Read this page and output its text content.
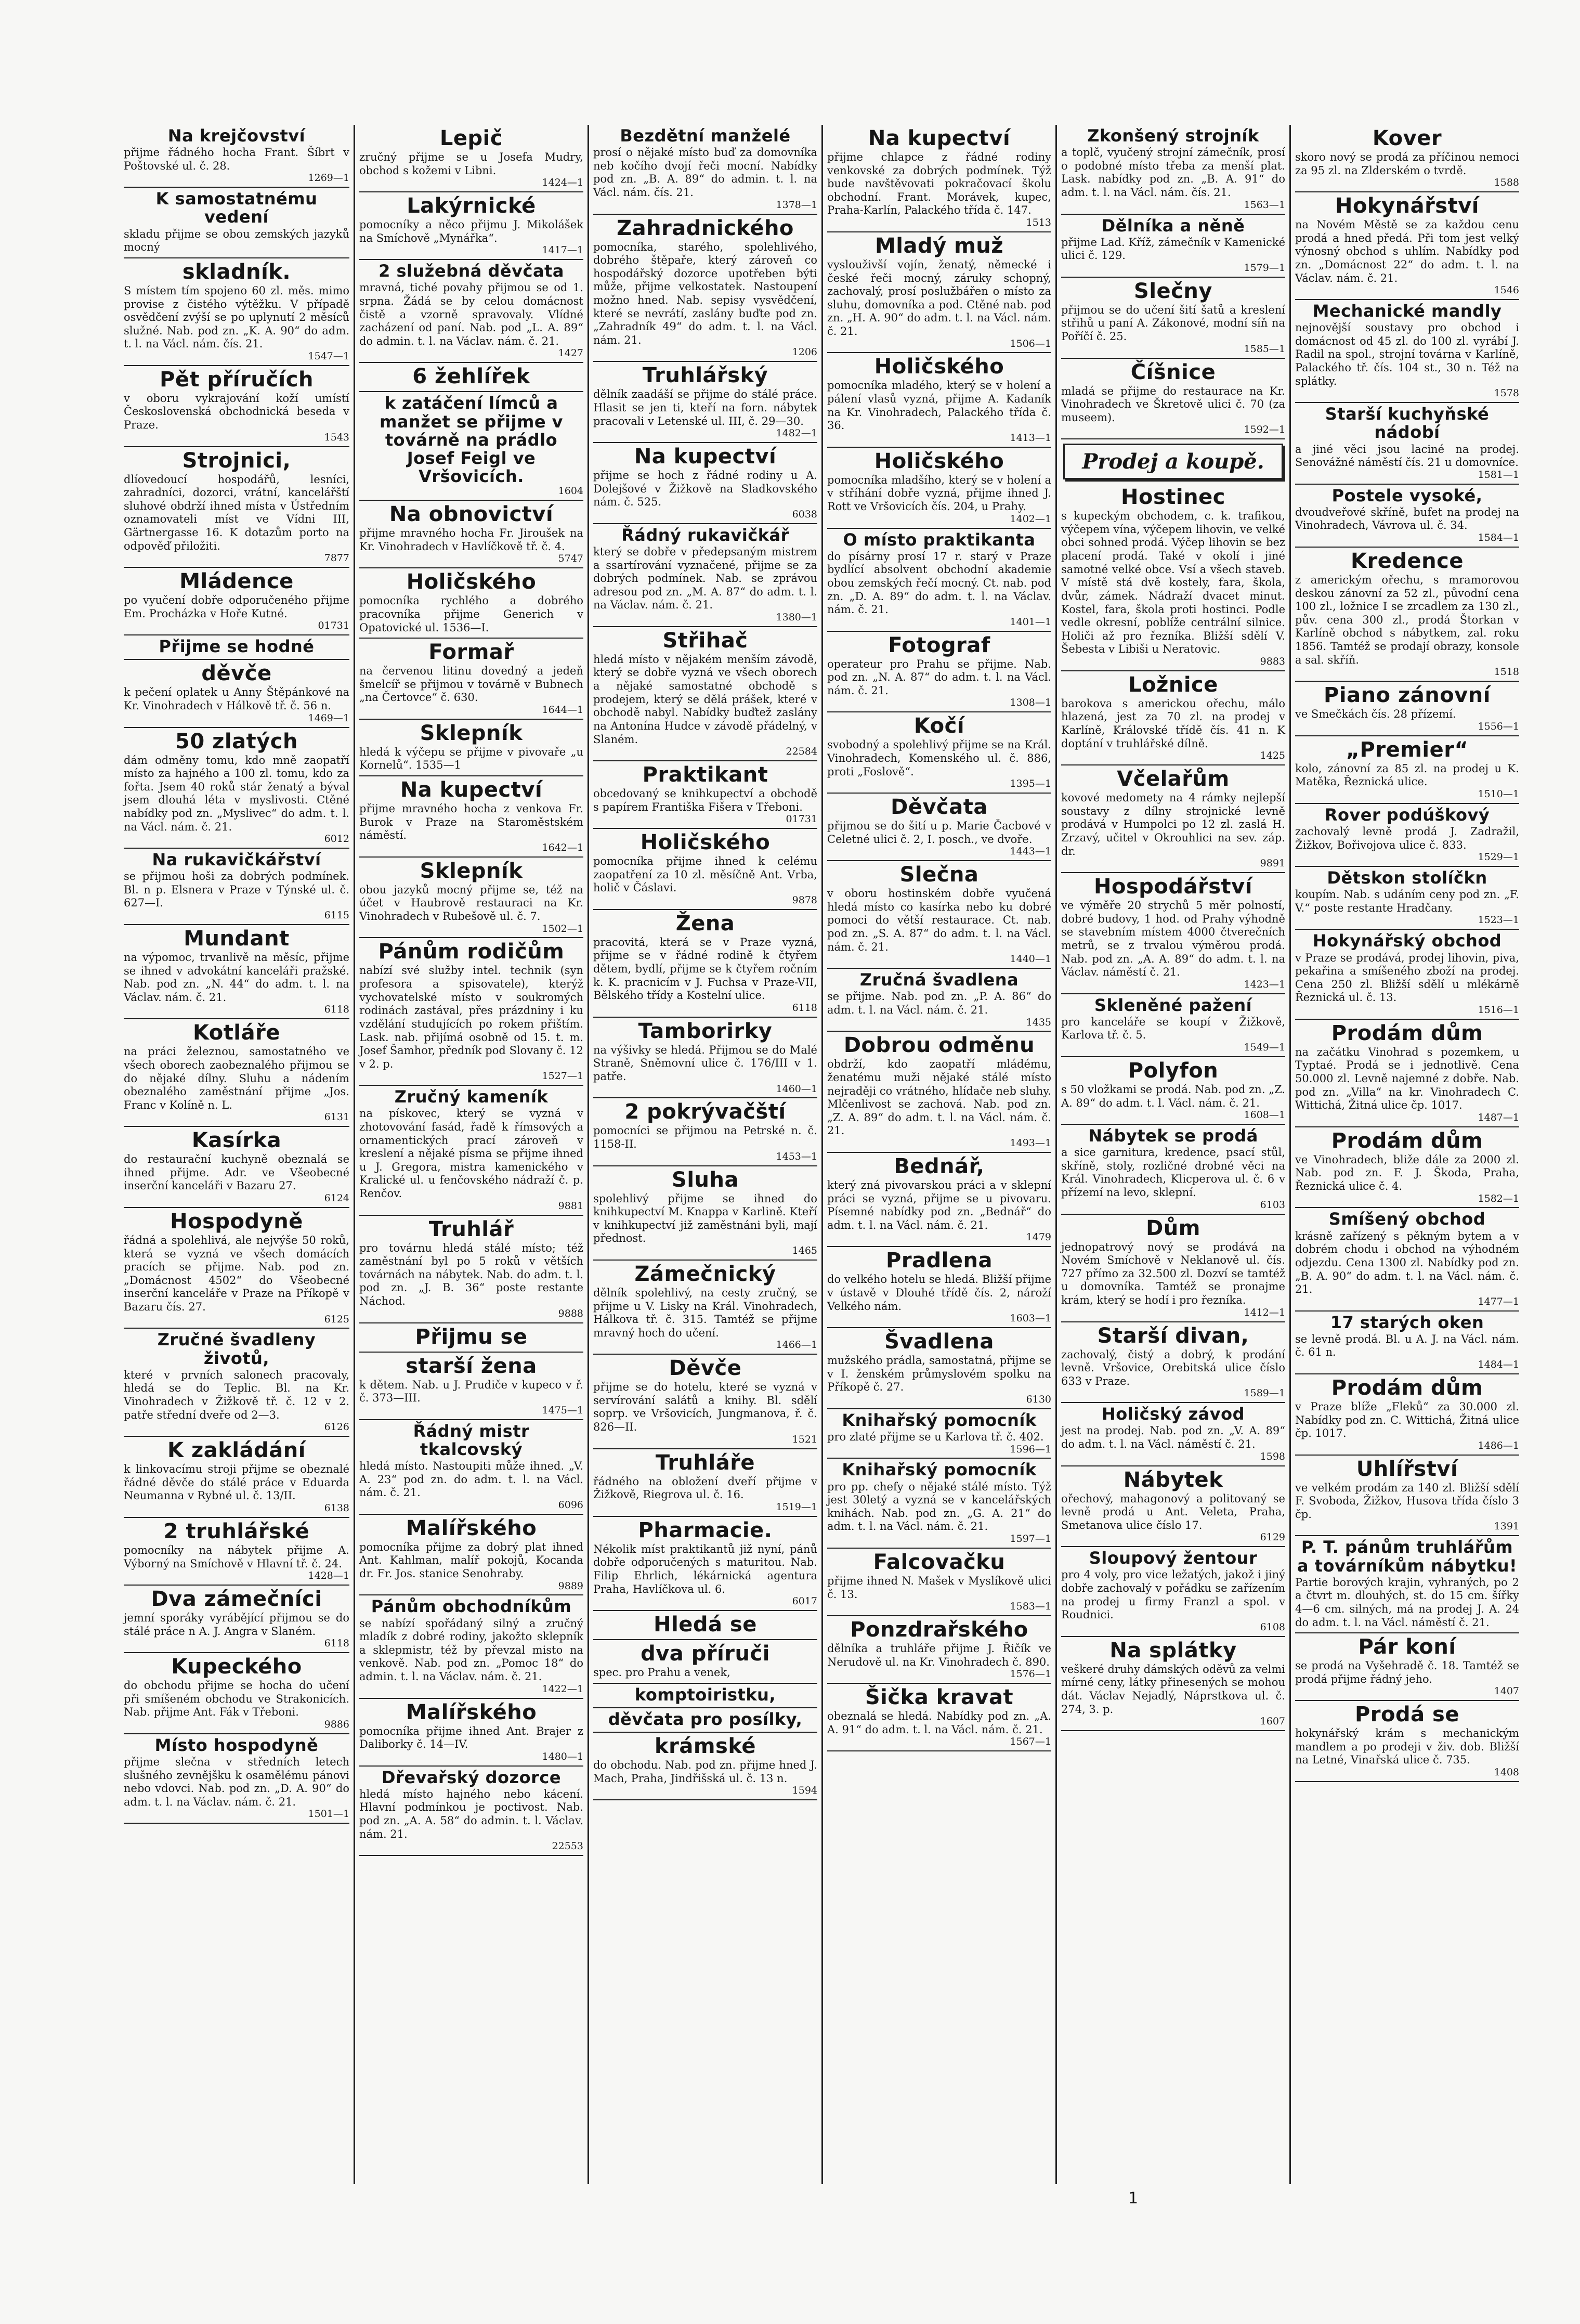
Na krejčovství

přijme řádného hocha Frant. Šíbrt v Poštovské ul. č. 28.

1269—1
K samostatnému vedení

skladu přijme se obou zemských jazyků mocný

skladník.

S místem tím spojeno 60 zl. měs. mimo provise z čistého výtěžku. V případě osvědčení zvýší se po uplynutí 2 měsíců služné. Nab. pod zn. „K. A. 90“ do adm. t. l. na Václ. nám. čís. 21.

1547—1
Pět příručích

v oboru vykrajování koží umístí Československá obchodnická beseda v Praze.

1543
Strojnici,

dlíovedoucí hospodářů, lesníci, zahradníci, dozorci, vrátní, kancelářští sluhové obdrží ihned místa v Ústředním oznamovateli míst ve Vídni III, Gärtnergasse 16. K dotazům porto na odpověď přiložiti.

7877
Mládence

po vyučení dobře odporučeného přijme Em. Procházka v Hoře Kutné.

01731
Přijme se hodné
děvče

k pečení oplatek u Anny Štěpánkové na Kr. Vinohradech v Hálkově tř. č. 56 n.

1469—1
50 zlatých

dám odměny tomu, kdo mně zaopatří místo za hajného a 100 zl. tomu, kdo za fořta. Jsem 40 roků stár ženatý a býval jsem dlouhá léta v myslivosti. Ctěné nabídky pod zn. „Myslivec“ do adm. t. l. na Václ. nám. č. 21.

6012
Na rukavičkářství

se přijmou hoši za dobrých podmínek. Bl. n p. Elsnera v Praze v Týnské ul. č. 627—I.

6115
Mundant

na výpomoc, trvanlivě na měsíc, přijme se ihned v advokátní kanceláři pražské. Nab. pod zn. „N. 44“ do adm. t. l. na Václav. nám. č. 21.

6118
Kotláře

na práci železnou, samostatného ve všech oborech zaobeznalého přijmou se do nějaké dílny. Sluhu a nádením obeznalého zaměstnání přijme „Jos. Franc v Kolíně n. L.

6131
Kasírka

do restaurační kuchyně obeznalá se ihned přijme. Adr. ve Všeobecné inserční kanceláři v Bazaru 27.

6124
Hospodyně

řádná a spolehlivá, ale nejvýše 50 roků, která se vyzná ve všech domácích pracích se přijme. Nab. pod zn. „Domácnost 4502“ do Všeobecné inserční kanceláře v Praze na Příkopě v Bazaru čís. 27.

6125
Zručné švadleny životů,

které v prvních salonech pracovaly, hledá se do Teplic. Bl. na Kr. Vinohradech v Žižkově tř. č. 12 v 2. patře střední dveře od 2—3.

6126
K zakládání

k linkovacímu stroji přijme se obeznalé řádné děvče do stálé práce v Eduarda Neumanna v Rybné ul. č. 13/II.

6138
2 truhlářské

pomocníky na nábytek přijme A. Výborný na Smíchově v Hlavní tř. č. 24.

1428—1
Dva zámečníci

jemní sporáky vyrábějící přijmou se do stálé práce n A. J. Angra v Slaném.

6118
Kupeckého

do obchodu přijme se hocha do učení při smíšeném obchodu ve Strakonicích. Nab. přijme Ant. Fák v Třeboni.

9886
Místo hospodyně

přijme slečna v středních letech slušného zevnějšku k osamělému pánovi nebo vdovci. Nab. pod zn. „D. A. 90“ do adm. t. l. na Václav. nám. č. 21.

1501—1
Lepič

zručný přijme se u Josefa Mudry, obchod s kožemi v Libni.

1424—1
Lakýrnické

pomocníky a něco přijmu J. Mikolášek na Smíchově „Mynářka“.

1417—1
2 služebná děvčata

mravná, tiché povahy přijmou se od 1. srpna. Žádá se by celou domácnost čistě a vzorně spravovaly. Vlídné zacházení od paní. Nab. pod „L. A. 89“ do admin. t. l. na Václav. nám. č. 21.

1427
6 žehlířek
k zatáčení límců a manžet se přijme v továrně na prádlo Josef Feigl ve Vršovicích.
1604
Na obnovictví

přijme mravného hocha Fr. Jiroušek na Kr. Vinohradech v Havlíčkově tř. č. 4.

5747
Holičského

pomocníka rychlého a dobrého pracovníka přijme Generich v Opatovické ul. 1536—I.

Formař

na červenou litinu dovedný a jedeň šmelcíř se přijmou v továrně v Bubnech „na Čertovce“ č. 630.

1644—1
Sklepník

hledá k výčepu se přijme v pivovaře „u Kornelů“. 1535—1

Na kupectví

přijme mravného hocha z venkova Fr. Burok v Praze na Staroměstském náměstí.

1642—1
Sklepník

obou jazyků mocný přijme se, též na účet v Haubrově restauraci na Kr. Vinohradech v Rubešově ul. č. 7.

1502—1
Pánům rodičům

nabízí své služby intel. technik (syn profesora a spisovatele), kterýž vychovatelské místo v soukromých rodinách zastával, přes prázdniny i ku vzdělání studujících po rokem přištím. Lask. nab. přijímá osobně od 15. t. m. Josef Šamhor, předník pod Slovany č. 12 v 2. p.

1527—1
Zručný kameník

na pískovec, který se vyzná v zhotovování fasád, řadě k římsových a ornamentických prací zároveň v kreslení a nějaké písma se přijme ihned u J. Gregora, mistra kamenického v Kralické ul. u fenčovského nádraží č. p. Renčov.

9881
Truhlář

pro továrnu hledá stálé místo; též zaměstnání byl po 5 roků v větších továrnách na nábytek. Nab. do adm. t. l. pod zn. „J. B. 36“ poste restante Náchod.

9888
Přijmu se
starší žena

k dětem. Nab. u J. Prudiče v kupeco v ř. č. 373—III.

1475—1
Řádný mistr tkalcovský

hledá místo. Nastoupiti může ihned. „V. A. 23“ pod zn. do adm. t. l. na Václ. nám. č. 21.

6096
Malířského

pomocníka přijme za dobrý plat ihned Ant. Kahlman, malíř pokojů, Kocanda dr. Fr. Jos. stanice Senohraby.

9889
Pánům obchodníkům

se nabízí spořádaný silný a zručný mladík z dobré rodiny, jakožto sklepník a sklepmistr, též by převzal misto na venkově. Nab. pod zn. „Pomoc 18“ do admin. t. l. na Václav. nám. č. 21.

1422—1
Malířského

pomocníka přijme ihned Ant. Brajer z Daliborky č. 14—IV.

1480—1
Dřevařský dozorce

hledá místo hajného nebo kácení. Hlavní podmínkou je poctivost. Nab. pod zn. „A. A. 58“ do admin. t. l. Václav. nám. 21.

22553
Bezdětní manželé

prosí o nějaké místo buď za domovníka neb kočího dvojí řeči mocní. Nabídky pod zn. „B. A. 89“ do admin. t. l. na Václ. nám. čís. 21.

1378—1
Zahradnického

pomocníka, starého, spolehlivého, dobrého štěpaře, který zároveň co hospodářský dozorce upotřeben býti může, přijme velkostatek. Nastoupení možno hned. Nab. sepisy vysvědčení, které se nevrátí, zaslány buďte pod zn. „Zahradník 49“ do adm. t. l. na Václ. nám. 21.

1206
Truhlářský

dělník zaadáší se přijme do stálé práce. Hlasit se jen ti, kteří na forn. nábytek pracovali v Letenské ul. III, č. 29—30.

1482—1
Na kupectví

přijme se hoch z řádné rodiny u A. Dolejšové v Žižkově na Sladkovského nám. č. 525.

6038
Řádný rukavičkář

který se dobře v předepsaným mistrem a ssartírování vyznačené, přijme se za dobrých podmínek. Nab. se zprávou adresou pod zn. „M. A. 87“ do adm. t. l. na Václav. nám. č. 21.

1380—1
Střihač

hledá místo v nějakém menším závodě, který se dobře vyzná ve všech oborech a nějaké samostatné obchodě s prodejem, který se dělá prášek, které v obchodě nabyl. Nabídky buďtež zaslány na Antonína Hudce v závodě přádelný, v Slaném.

22584
Praktikant

obcedovaný se knihkupectví a obchodě s papírem Františka Fišera v Třeboni.

01731
Holičského

pomocníka přijme ihned k celému zaopatření za 10 zl. měsíčně Ant. Vrba, holič v Čáslavi.

9878
Žena

pracovitá, která se v Praze vyzná, přijme se v řádné rodině k čtyřem dětem, bydlí, přijme se k čtyřem ročním k. K. pracnicím v J. Fuchsa v Praze-VII, Bělského třídy a Kostelní ulice.

6118
Tamborirky

na výšivky se hledá. Přijmou se do Malé Straně, Sněmovní ulice č. 176/III v 1. patře.

1460—1
2 pokrývačští

pomocníci se přijmou na Petrské n. č. 1158-II.

1453—1
Sluha

spolehlivý přijme se ihned do knihkupectví M. Knappa v Karlině. Kteří v knihkupectví již zaměstnáni byli, mají přednost.

1465
Zámečnický

dělník spolehlivý, na cesty zručný, se přijme u V. Lisky na Král. Vinohradech, Hálkova tř. č. 315. Tamtéž se přijme mravný hoch do učení.

1466—1
Děvče

přijme se do hotelu, které se vyzná v servírování salátů a knihy. Bl. sdělí soprp. ve Vršovicích, Jungmanova, ř. č. 826—II.

1521
Truhláře

řádného na obložení dveří přijme v Žižkově, Riegrova ul. č. 16.

1519—1
Pharmacie.

Nékolik míst praktikantů již nyní, pánů dobře odporučených s maturitou. Nab. Filip Ehrlich, lékárnická agentura Praha, Havlíčkova ul. 6.

6017
Hledá se
dva příruči

spec. pro Prahu a venek,

komptoiristku,
děvčata pro posílky,
krámské

do obchodu. Nab. pod zn. přijme hned J. Mach, Praha, Jindřišská ul. č. 13 n.

1594
Na kupectví

přijme chlapce z řádné rodiny venkovské za dobrých podmínek. Týž bude navštěvovati pokračovací školu obchodní. Frant. Morávek, kupec, Praha-Karlín, Palackého třída č. 147.

1513
Mladý muž

vyslouživší vojín, ženatý, německé i české řeči mocný, záruky schopný, zachovalý, prosí poslužbářen o místo za sluhu, domovníka a pod. Ctěné nab. pod zn. „H. A. 90“ do adm. t. l. na Václ. nám. č. 21.

1506—1
Holičského

pomocníka mladého, který se v holení a pálení vlasů vyzná, přijme A. Kadaník na Kr. Vinohradech, Palackého třída č. 36.

1413—1
Holičského

pomocníka mladšího, který se v holení a v stříhání dobře vyzná, přijme ihned J. Rott ve Vršovicích čís. 204, u Prahy.

1402—1
O místo praktikanta

do písárny prosí 17 r. starý v Praze bydlící absolvent obchodní akademie obou zemských řečí mocný. Ct. nab. pod zn. „D. A. 89“ do adm. t. l. na Václav. nám. č. 21.

1401—1
Fotograf

operateur pro Prahu se přijme. Nab. pod zn. „N. A. 87“ do adm. t. l. na Václ. nám. č. 21.

1308—1
Kočí

svobodný a spolehlivý přijme se na Král. Vinohradech, Komenského ul. č. 886, proti „Foslově“.

1395—1
Děvčata

přijmou se do šití u p. Marie Čacbové v Celetné ulici č. 2, I. posch., ve dvoře.

1443—1
Slečna

v oboru hostinském dobře vyučená hledá místo co kasírka nebo ku dobré pomoci do větší restaurace. Ct. nab. pod zn. „S. A. 87“ do adm. t. l. na Václ. nám. č. 21.

1440—1
Zručná švadlena

se přijme. Nab. pod zn. „P. A. 86“ do adm. t. l. na Václ. nám. č. 21.

1435
Dobrou odměnu

obdrží, kdo zaopatří mládému, ženatému muži nějaké stálé místo nejraději co vrátného, hlídače neb sluhy. Mlčenlivost se zachová. Nab. pod zn. „Z. A. 89“ do adm. t. l. na Václ. nám. č. 21.

1493—1
Bednář,

který zná pivovarskou práci a v sklepní práci se vyzná, přijme se u pivovaru. Písemné nabídky pod zn. „Bednář“ do adm. t. l. na Václ. nám. č. 21.

1479
Pradlena

do velkého hotelu se hledá. Bližší přijme v ústavě v Dlouhé třídě čís. 2, nároží Velkého nám.

1603—1
Švadlena

mužského prádla, samostatná, přijme se v I. ženském průmyslovém spolku na Příkopě č. 27.

6130
Knihařský pomocník

pro zlaté přijme se u Karlova tř. č. 402.

1596—1
Knihařský pomocník

pro pp. chefy o nějaké stálé místo. Týž jest 30letý a vyzná se v kancelářských knihách. Nab. pod zn. „G. A. 21“ do adm. t. l. na Václ. nám. č. 21.

1597—1
Falcovačku

přijme ihned N. Mašek v Myslíkově ulici č. 13.

1583—1
Ponzdrařského

dělníka a truhláře přijme J. Řičík ve Nerudově ul. na Kr. Vinohradech č. 890.

1576—1
Šička kravat

obeznalá se hledá. Nabídky pod zn. „A. A. 91“ do adm. t. l. na Václ. nám. č. 21.

1567—1
Zkonšený strojník

a toplč, vyučený strojní zámečník, prosí o podobné místo třeba za menší plat. Lask. nabídky pod zn. „B. A. 91“ do adm. t. l. na Václ. nám. čís. 21.

1563—1
Dělníka a něně

přijme Lad. Kříž, zámečník v Kamenické ulici č. 129.

1579—1
Slečny

přijmou se do učení šití šatů a kreslení střihů u paní A. Zákonové, modní síň na Poříčí č. 25.

1585—1
Číšnice

mladá se přijme do restaurace na Kr. Vinohradech ve Škretově ulici č. 70 (za museem).

1592—1
Prodej a koupě.
Hostinec

s kupeckým obchodem, c. k. trafikou, výčepem vína, výčepem lihovin, ve velké obci sohned prodá. Výčep lihovin se bez placení prodá. Také v okolí i jiné samotné velké obce. Vsí a všech staveb. V místě stá dvě kostely, fara, škola, dvůr, zámek. Nádraží dvacet minut. Kostel, fara, škola proti hostinci. Podle vedle okresní, poblíže centrální silnice. Holiči až pro řezníka. Bližší sdělí V. Šebesta v Libiši u Neratovic.

9883
Ložnice

barokova s americkou ořechu, málo hlazená, jest za 70 zl. na prodej v Karlíně, Královské třídě čís. 41 n. K doptání v truhlářské dílně.

1425
Včelařům

kovové medomety na 4 rámky nejlepší soustavy z dílny strojnické levně prodává v Humpolci po 12 zl. zaslá H. Zrzavý, učitel v Okrouhlici na sev. záp. dr.

9891
Hospodářství

ve výměře 20 strychů 5 měr polností, dobré budovy, 1 hod. od Prahy výhodně se stavebním místem 4000 čtverečních metrů, se z trvalou výměrou prodá. Nab. pod zn. „A. A. 89“ do adm. t. l. na Václav. náměstí č. 21.

1423—1
Skleněné pažení

pro kanceláře se koupí v Žižkově, Karlova tř. č. 5.

1549—1
Polyfon

s 50 vložkami se prodá. Nab. pod zn. „Z. A. 89“ do adm. t. l. Václ. nám. č. 21.

1608—1
Nábytek se prodá

a sice garnitura, kredence, psací stůl, skříně, stoly, rozličné drobné věci na Král. Vinohradech, Klicperova ul. č. 6 v přízemí na levo, sklepní.

6103
Dům

jednopatrový nový se prodává na Novém Smíchově v Neklanově ul. čís. 727 přímo za 32.500 zl. Dozví se tamtéž u domovníka. Tamtéž se pronajme krám, který se hodí i pro řezníka.

1412—1
Starší divan,

zachovalý, čistý a dobrý, k prodání levně. Vršovice, Orebitská ulice číslo 633 v Praze.

1589—1
Holičský závod

jest na prodej. Nab. pod zn. „V. A. 89“ do adm. t. l. na Václ. náměstí č. 21.

1598
Nábytek

ořechový, mahagonový a politovaný se levně prodá u Ant. Veleta, Praha, Smetanova ulice číslo 17.

6129
Sloupový žentour

pro 4 voly, pro vice ležatých, jakož i jiný dobře zachovalý v pořádku se zařízením na prodej u firmy Franzl a spol. v Roudnici.

6108
Na splátky

veškeré druhy dámských oděvů za velmi mírné ceny, látky přinesených se mohou dát. Václav Nejadlý, Náprstkova ul. č. 274, 3. p.

1607
Kover

skoro nový se prodá za příčinou nemoci za 95 zl. na Zlderském o tvrdě.

1588
Hokynářství

na Novém Městě se za každou cenu prodá a hned předá. Při tom jest velký výnosný obchod s uhlím. Nabídky pod zn. „Domácnost 22“ do adm. t. l. na Václav. nám. č. 21.

1546
Mechanické mandly

nejnovější soustavy pro obchod i domácnost od 45 zl. do 100 zl. vyrábí J. Radil na spol., strojní továrna v Karlíně, Palackého tř. čís. 104 st., 30 n. Též na splátky.

1578
Starší kuchyňské nádobí

a jiné věci jsou laciné na prodej. Senovážné náměstí čís. 21 u domovníce.

1581—1
Postele vysoké,

dvoudveřové skříně, bufet na prodej na Vinohradech, Vávrova ul. č. 34.

1584—1
Kredence

z americkým ořechu, s mramorovou deskou zánovní za 52 zl., původní cena 100 zl., ložnice I se zrcadlem za 130 zl., pův. cena 300 zl., prodá Štorkan v Karlíně obchod s nábytkem, zal. roku 1856. Tamtéž se prodají obrazy, konsole a sal. skříň.

1518
Piano zánovní

ve Smečkách čís. 28 přízemí.

1556—1
„Premier“

kolo, zánovní za 85 zl. na prodej u K. Matěka, Řeznická ulice.

1510—1
Rover podúškový

zachovalý levně prodá J. Zadražil, Žižkov, Bořivojova ulice č. 833.

1529—1
Dětskon stolíčkn

koupím. Nab. s udáním ceny pod zn. „F. V.“ poste restante Hradčany.

1523—1
Hokynářský obchod

v Praze se prodává, prodej lihovin, piva, pekařina a smíšeného zboží na prodej. Cena 250 zl. Bližší sdělí u mlékárně Řeznická ul. č. 13.

1516—1
Prodám dům

na začátku Vinohrad s pozemkem, u Typtaé. Prodá se i jednotlivě. Cena 50.000 zl. Levně najemné z dobře. Nab. pod zn. „Villa“ na kr. Vinohradech C. Wittichá, Žitná ulice čp. 1017.

1487—1
Prodám dům

ve Vinohradech, bliže dále za 2000 zl. Nab. pod zn. F. J. Škoda, Praha, Řeznická ulice č. 4.

1582—1
Smíšený obchod

krásně zařízený s pěkným bytem a v dobrém chodu i obchod na výhodném odjezdu. Cena 1300 zl. Nabídky pod zn. „B. A. 90“ do adm. t. l. na Václ. nám. č. 21.

1477—1
17 starých oken

se levně prodá. Bl. u A. J. na Václ. nám. č. 61 n.

1484—1
Prodám dům

v Praze blíže „Fleků“ za 30.000 zl. Nabídky pod zn. C. Wittichá, Žitná ulice čp. 1017.

1486—1
Uhlířství

ve velkém prodám za 140 zl. Bližší sdělí F. Svoboda, Žižkov, Husova třída číslo 3 čp.

1391
P. T. pánům truhlářům a továrníkům nábytku!

Partie borových krajin, vyhraných, po 2 a čtvrt m. dlouhých, st. do 15 cm. šířky 4—6 cm. silných, má na prodej J. A. 24 do adm. t. l. na Václ. náměstí č. 21.

Pár koní

se prodá na Vyšehradě č. 18. Tamtéž se prodá přijme řádný jeho.

1407
Prodá se

hokynářský krám s mechanickým mandlem a po prodeji v živ. dob. Bližší na Letné, Vinařská ulice č. 735.

1408
1
